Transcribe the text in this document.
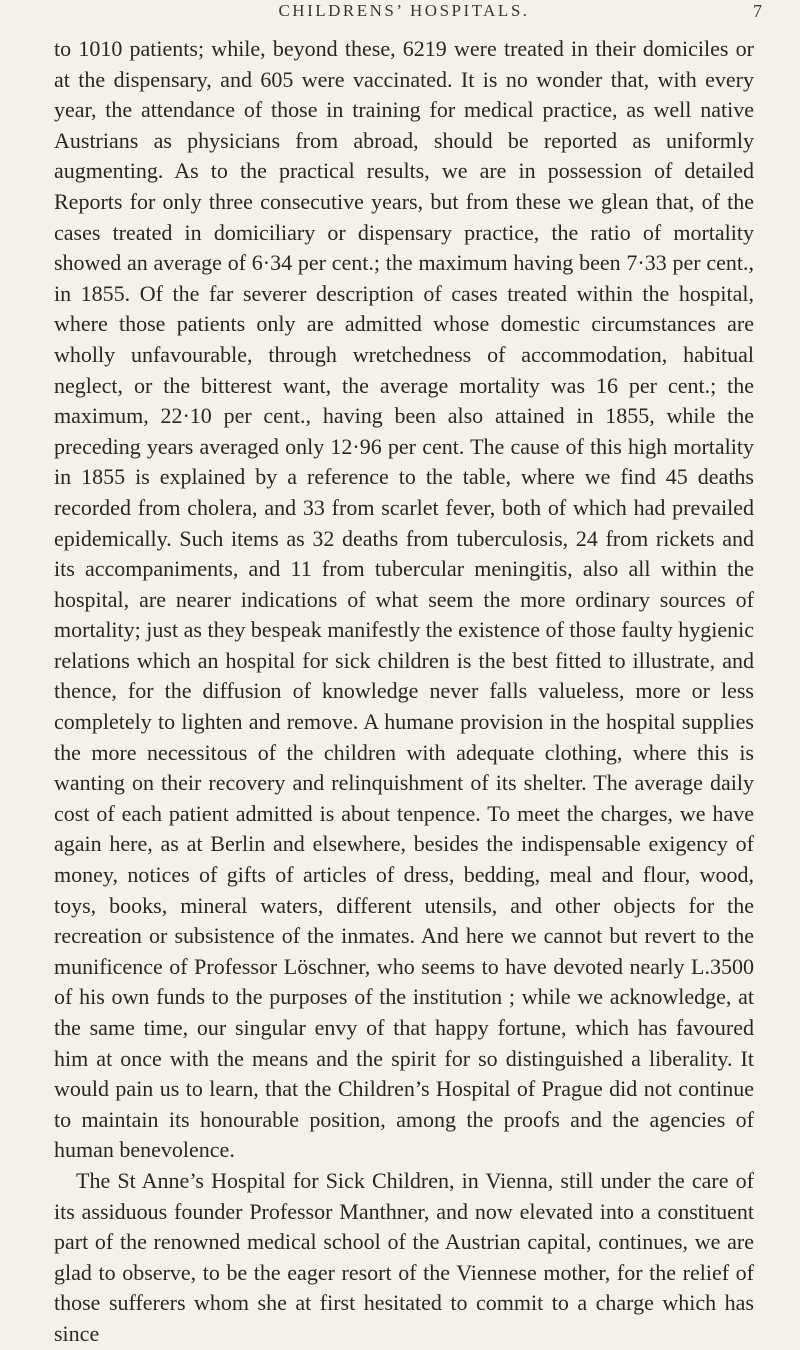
CHILDRENS’ HOSPITALS.	7

to 1010 patients; while, beyond these, 6219 were treated in their domiciles or at the dispensary, and 605 were vaccinated. It is no wonder that, with every year, the attendance of those in training for medical practice, as well native Austrians as physicians from abroad, should be reported as uniformly augmenting. As to the practical results, we are in possession of detailed Reports for only three consecutive years, but from these we glean that, of the cases treated in domiciliary or dispensary practice, the ratio of mortality showed an average of 6·34 per cent.; the maximum having been 7·33 per cent., in 1855. Of the far severer description of cases treated within the hospital, where those patients only are admitted whose domestic circumstances are wholly unfavourable, through wretchedness of accommodation, habitual neglect, or the bitterest want, the average mortality was 16 per cent.; the maximum, 22·10 per cent., having been also attained in 1855, while the preceding years averaged only 12·96 per cent. The cause of this high mortality in 1855 is explained by a reference to the table, where we find 45 deaths recorded from cholera, and 33 from scarlet fever, both of which had prevailed epidemically. Such items as 32 deaths from tuberculosis, 24 from rickets and its accompaniments, and 11 from tubercular meningitis, also all within the hospital, are nearer indications of what seem the more ordinary sources of mortality; just as they bespeak manifestly the existence of those faulty hygienic relations which an hospital for sick children is the best fitted to illustrate, and thence, for the diffusion of knowledge never falls valueless, more or less completely to lighten and remove. A humane provision in the hospital supplies the more necessitous of the children with adequate clothing, where this is wanting on their recovery and relinquishment of its shelter. The average daily cost of each patient admitted is about tenpence. To meet the charges, we have again here, as at Berlin and elsewhere, besides the indispensable exigency of money, notices of gifts of articles of dress, bedding, meal and flour, wood, toys, books, mineral waters, different utensils, and other objects for the recreation or subsistence of the inmates. And here we cannot but revert to the munificence of Professor Löschner, who seems to have devoted nearly L.3500 of his own funds to the purposes of the institution ; while we acknowledge, at the same time, our singular envy of that happy fortune, which has favoured him at once with the means and the spirit for so distinguished a liberality. It would pain us to learn, that the Children’s Hospital of Prague did not continue to maintain its honourable position, among the proofs and the agencies of human benevolence.

The St Anne’s Hospital for Sick Children, in Vienna, still under the care of its assiduous founder Professor Manthner, and now elevated into a constituent part of the renowned medical school of the Austrian capital, continues, we are glad to observe, to be the eager resort of the Viennese mother, for the relief of those sufferers whom she at first hesitated to commit to a charge which has since
